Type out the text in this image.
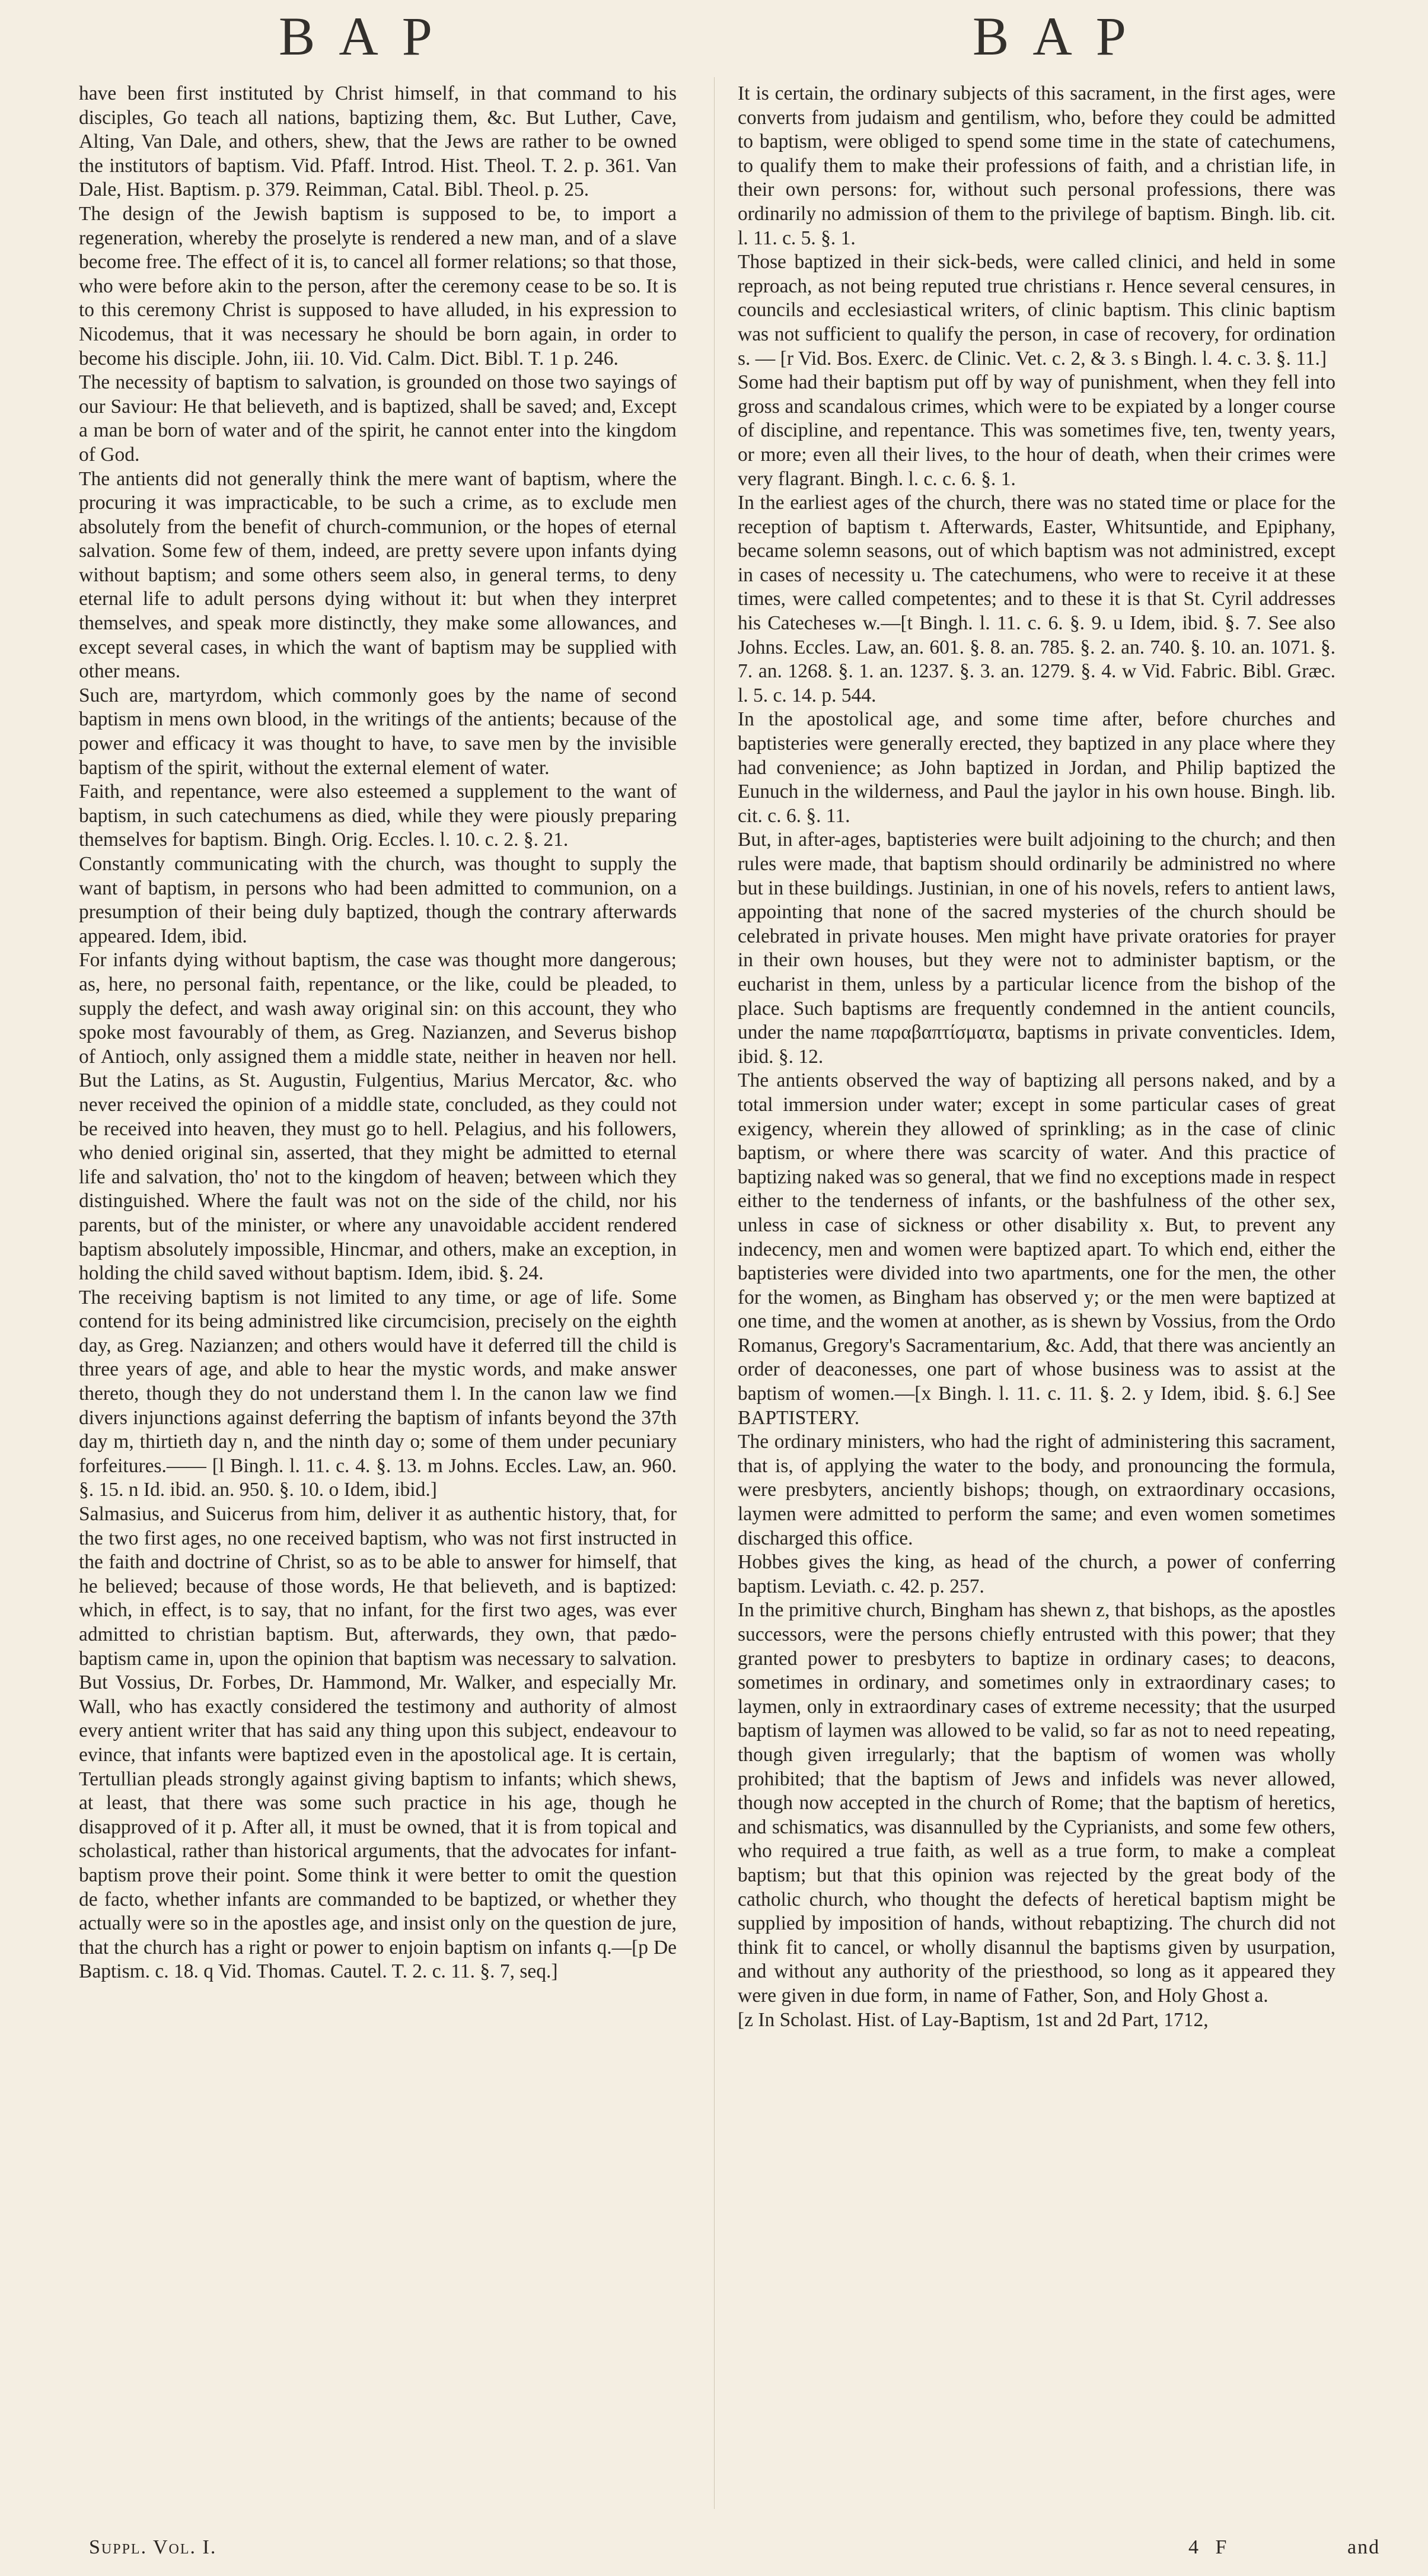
BAP	BAP

have been first instituted by Christ himself, in that command to his disciples, Go teach all nations, baptizing them, &c. But Luther, Cave, Alting, Van Dale, and others, shew, that the Jews are rather to be owned the institutors of baptism. Vid. Pfaff. Introd. Hist. Theol. T. 2. p. 361. Van Dale, Hist. Baptism. p. 379. Reimman, Catal. Bibl. Theol. p. 25.

The design of the Jewish baptism is supposed to be, to import a regeneration, whereby the proselyte is rendered a new man, and of a slave become free. The effect of it is, to cancel all former relations; so that those, who were before akin to the person, after the ceremony cease to be so. It is to this ceremony Christ is supposed to have alluded, in his expression to Nicodemus, that it was necessary he should be born again, in order to become his disciple. John, iii. 10. Vid. Calm. Dict. Bibl. T. 1 p. 246.

The necessity of baptism to salvation, is grounded on those two sayings of our Saviour: He that believeth, and is baptized, shall be saved; and, Except a man be born of water and of the spirit, he cannot enter into the kingdom of God.

The antients did not generally think the mere want of baptism, where the procuring it was impracticable, to be such a crime, as to exclude men absolutely from the benefit of church-communion, or the hopes of eternal salvation. Some few of them, indeed, are pretty severe upon infants dying without baptism; and some others seem also, in general terms, to deny eternal life to adult persons dying without it: but when they interpret themselves, and speak more distinctly, they make some allowances, and except several cases, in which the want of baptism may be supplied with other means.

Such are, martyrdom, which commonly goes by the name of second baptism in mens own blood, in the writings of the antients; because of the power and efficacy it was thought to have, to save men by the invisible baptism of the spirit, without the external element of water.

Faith, and repentance, were also esteemed a supplement to the want of baptism, in such catechumens as died, while they were piously preparing themselves for baptism. Bingh. Orig. Eccles. l. 10. c. 2. §. 21.

Constantly communicating with the church, was thought to supply the want of baptism, in persons who had been admitted to communion, on a presumption of their being duly baptized, though the contrary afterwards appeared. Idem, ibid.

For infants dying without baptism, the case was thought more dangerous; as, here, no personal faith, repentance, or the like, could be pleaded, to supply the defect, and wash away original sin: on this account, they who spoke most favourably of them, as Greg. Nazianzen, and Severus bishop of Antioch, only assigned them a middle state, neither in heaven nor hell. But the Latins, as St. Augustin, Fulgentius, Marius Mercator, &c. who never received the opinion of a middle state, concluded, as they could not be received into heaven, they must go to hell. Pelagius, and his followers, who denied original sin, asserted, that they might be admitted to eternal life and salvation, tho' not to the kingdom of heaven; between which they distinguished. Where the fault was not on the side of the child, nor his parents, but of the minister, or where any unavoidable accident rendered baptism absolutely impossible, Hincmar, and others, make an exception, in holding the child saved without baptism. Idem, ibid. §. 24.

The receiving baptism is not limited to any time, or age of life. Some contend for its being administred like circumcision, precisely on the eighth day, as Greg. Nazianzen; and others would have it deferred till the child is three years of age, and able to hear the mystic words, and make answer thereto, though they do not understand them l. In the canon law we find divers injunctions against deferring the baptism of infants beyond the 37th day m, thirtieth day n, and the ninth day o; some of them under pecuniary forfeitures.—— [l Bingh. l. 11. c. 4. §. 13. m Johns. Eccles. Law, an. 960. §. 15. n Id. ibid. an. 950. §. 10. o Idem, ibid.]

Salmasius, and Suicerus from him, deliver it as authentic history, that, for the two first ages, no one received baptism, who was not first instructed in the faith and doctrine of Christ, so as to be able to answer for himself, that he believed; because of those words, He that believeth, and is baptized: which, in effect, is to say, that no infant, for the first two ages, was ever admitted to christian baptism. But, afterwards, they own, that pædo-baptism came in, upon the opinion that baptism was necessary to salvation. But Vossius, Dr. Forbes, Dr. Hammond, Mr. Walker, and especially Mr. Wall, who has exactly considered the testimony and authority of almost every antient writer that has said any thing upon this subject, endeavour to evince, that infants were baptized even in the apostolical age. It is certain, Tertullian pleads strongly against giving baptism to infants; which shews, at least, that there was some such practice in his age, though he disapproved of it p. After all, it must be owned, that it is from topical and scholastical, rather than historical arguments, that the advocates for infant-baptism prove their point. Some think it were better to omit the question de facto, whether infants are commanded to be baptized, or whether they actually were so in the apostles age, and insist only on the question de jure, that the church has a right or power to enjoin baptism on infants q.—[p De Baptism. c. 18. q Vid. Thomas. Cautel. T. 2. c. 11. §. 7, seq.]

It is certain, the ordinary subjects of this sacrament, in the first ages, were converts from judaism and gentilism, who, before they could be admitted to baptism, were obliged to spend some time in the state of catechumens, to qualify them to make their professions of faith, and a christian life, in their own persons: for, without such personal professions, there was ordinarily no admission of them to the privilege of baptism. Bingh. lib. cit. l. 11. c. 5. §. 1.

Those baptized in their sick-beds, were called clinici, and held in some reproach, as not being reputed true christians r. Hence several censures, in councils and ecclesiastical writers, of clinic baptism. This clinic baptism was not sufficient to qualify the person, in case of recovery, for ordination s. — [r Vid. Bos. Exerc. de Clinic. Vet. c. 2, & 3. s Bingh. l. 4. c. 3. §. 11.]

Some had their baptism put off by way of punishment, when they fell into gross and scandalous crimes, which were to be expiated by a longer course of discipline, and repentance. This was sometimes five, ten, twenty years, or more; even all their lives, to the hour of death, when their crimes were very flagrant. Bingh. l. c. c. 6. §. 1.

In the earliest ages of the church, there was no stated time or place for the reception of baptism t. Afterwards, Easter, Whitsuntide, and Epiphany, became solemn seasons, out of which baptism was not administred, except in cases of necessity u. The catechumens, who were to receive it at these times, were called competentes; and to these it is that St. Cyril addresses his Catecheses w.—[t Bingh. l. 11. c. 6. §. 9. u Idem, ibid. §. 7. See also Johns. Eccles. Law, an. 601. §. 8. an. 785. §. 2. an. 740. §. 10. an. 1071. §. 7. an. 1268. §. 1. an. 1237. §. 3. an. 1279. §. 4. w Vid. Fabric. Bibl. Græc. l. 5. c. 14. p. 544.

In the apostolical age, and some time after, before churches and baptisteries were generally erected, they baptized in any place where they had convenience; as John baptized in Jordan, and Philip baptized the Eunuch in the wilderness, and Paul the jaylor in his own house. Bingh. lib. cit. c. 6. §. 11.

But, in after-ages, baptisteries were built adjoining to the church; and then rules were made, that baptism should ordinarily be administred no where but in these buildings. Justinian, in one of his novels, refers to antient laws, appointing that none of the sacred mysteries of the church should be celebrated in private houses. Men might have private oratories for prayer in their own houses, but they were not to administer baptism, or the eucharist in them, unless by a particular licence from the bishop of the place. Such baptisms are frequently condemned in the antient councils, under the name παραβαπτίσματα, baptisms in private conventicles. Idem, ibid. §. 12.

The antients observed the way of baptizing all persons naked, and by a total immersion under water; except in some particular cases of great exigency, wherein they allowed of sprinkling; as in the case of clinic baptism, or where there was scarcity of water. And this practice of baptizing naked was so general, that we find no exceptions made in respect either to the tenderness of infants, or the bashfulness of the other sex, unless in case of sickness or other disability x. But, to prevent any indecency, men and women were baptized apart. To which end, either the baptisteries were divided into two apartments, one for the men, the other for the women, as Bingham has observed y; or the men were baptized at one time, and the women at another, as is shewn by Vossius, from the Ordo Romanus, Gregory's Sacramentarium, &c. Add, that there was anciently an order of deaconesses, one part of whose business was to assist at the baptism of women.—[x Bingh. l. 11. c. 11. §. 2. y Idem, ibid. §. 6.] See BAPTISTERY.

The ordinary ministers, who had the right of administering this sacrament, that is, of applying the water to the body, and pronouncing the formula, were presbyters, anciently bishops; though, on extraordinary occasions, laymen were admitted to perform the same; and even women sometimes discharged this office.

Hobbes gives the king, as head of the church, a power of conferring baptism. Leviath. c. 42. p. 257.

In the primitive church, Bingham has shewn z, that bishops, as the apostles successors, were the persons chiefly entrusted with this power; that they granted power to presbyters to baptize in ordinary cases; to deacons, sometimes in ordinary, and sometimes only in extraordinary cases; to laymen, only in extraordinary cases of extreme necessity; that the usurped baptism of laymen was allowed to be valid, so far as not to need repeating, though given irregularly; that the baptism of women was wholly prohibited; that the baptism of Jews and infidels was never allowed, though now accepted in the church of Rome; that the baptism of heretics, and schismatics, was disannulled by the Cyprianists, and some few others, who required a true faith, as well as a true form, to make a compleat baptism; but that this opinion was rejected by the great body of the catholic church, who thought the defects of heretical baptism might be supplied by imposition of hands, without rebaptizing. The church did not think fit to cancel, or wholly disannul the baptisms given by usurpation, and without any authority of the priesthood, so long as it appeared they were given in due form, in name of Father, Son, and Holy Ghost a.

[z In Scholast. Hist. of Lay-Baptism, 1st and 2d Part, 1712,

Suppl. Vol. I.	4 F	and
